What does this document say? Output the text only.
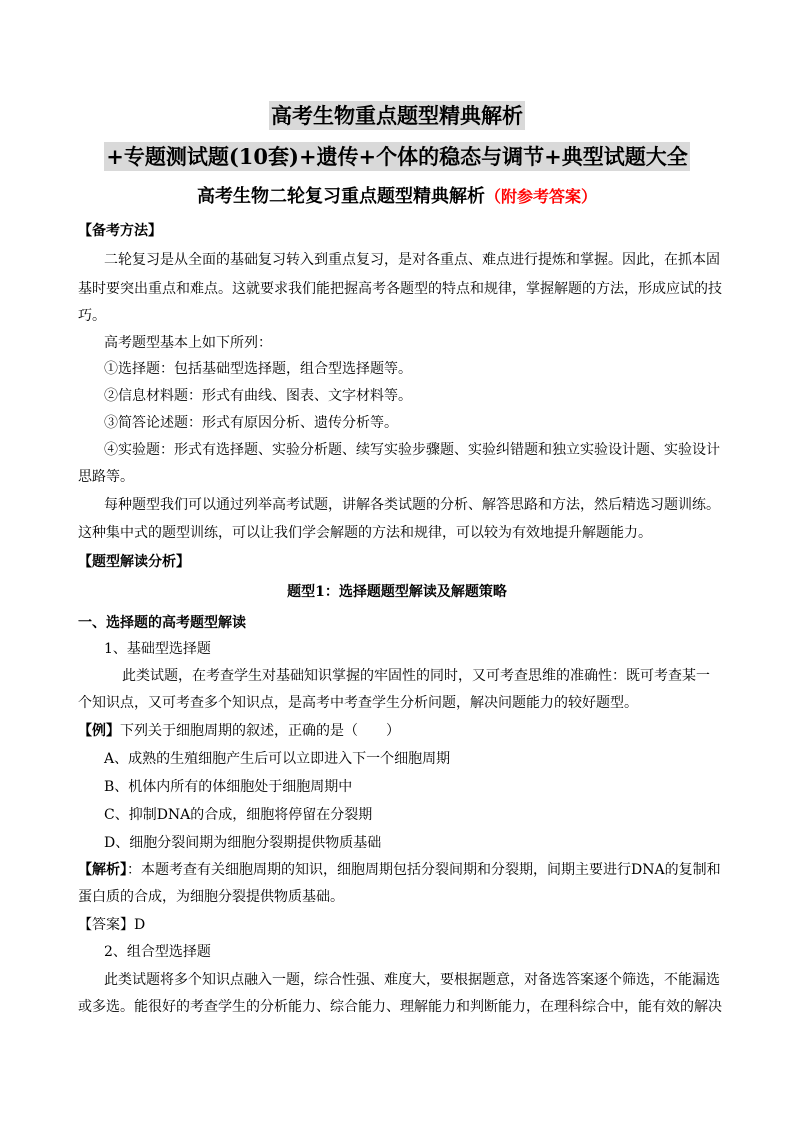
高考生物重点题型精典解析
+专题测试题(10套)+遗传+个体的稳态与调节+典型试题大全
高考生物二轮复习重点题型精典解析（附参考答案）
【备考方法】
二轮复习是从全面的基础复习转入到重点复习，是对各重点、难点进行提炼和掌握。因此，在抓本固
基时要突出重点和难点。这就要求我们能把握高考各题型的特点和规律，掌握解题的方法，形成应试的技
巧。
高考题型基本上如下所列：
①选择题：包括基础型选择题，组合型选择题等。
②信息材料题：形式有曲线、图表、文字材料等。
③简答论述题：形式有原因分析、遗传分析等。
④实验题：形式有选择题、实验分析题、续写实验步骤题、实验纠错题和独立实验设计题、实验设计
思路等。
每种题型我们可以通过列举高考试题，讲解各类试题的分析、解答思路和方法，然后精选习题训练。
这种集中式的题型训练，可以让我们学会解题的方法和规律，可以较为有效地提升解题能力。
【题型解读分析】
题型1：选择题题型解读及解题策略
一、选择题的高考题型解读
1、基础型选择题
此类试题，在考查学生对基础知识掌握的牢固性的同时，又可考查思维的准确性：既可考查某一
个知识点，又可考查多个知识点，是高考中考查学生分析问题，解决问题能力的较好题型。
【例】下列关于细胞周期的叙述，正确的是（　　）
A、成熟的生殖细胞产生后可以立即进入下一个细胞周期
B、机体内所有的体细胞处于细胞周期中
C、抑制DNA的合成，细胞将停留在分裂期
D、细胞分裂间期为细胞分裂期提供物质基础
【解析】：本题考查有关细胞周期的知识，细胞周期包括分裂间期和分裂期，间期主要进行DNA的复制和
蛋白质的合成，为细胞分裂提供物质基础。
【答案】D
2、组合型选择题
此类试题将多个知识点融入一题，综合性强、难度大，要根据题意，对备选答案逐个筛选，不能漏选
或多选。能很好的考查学生的分析能力、综合能力、理解能力和判断能力，在理科综合中，能有效的解决
